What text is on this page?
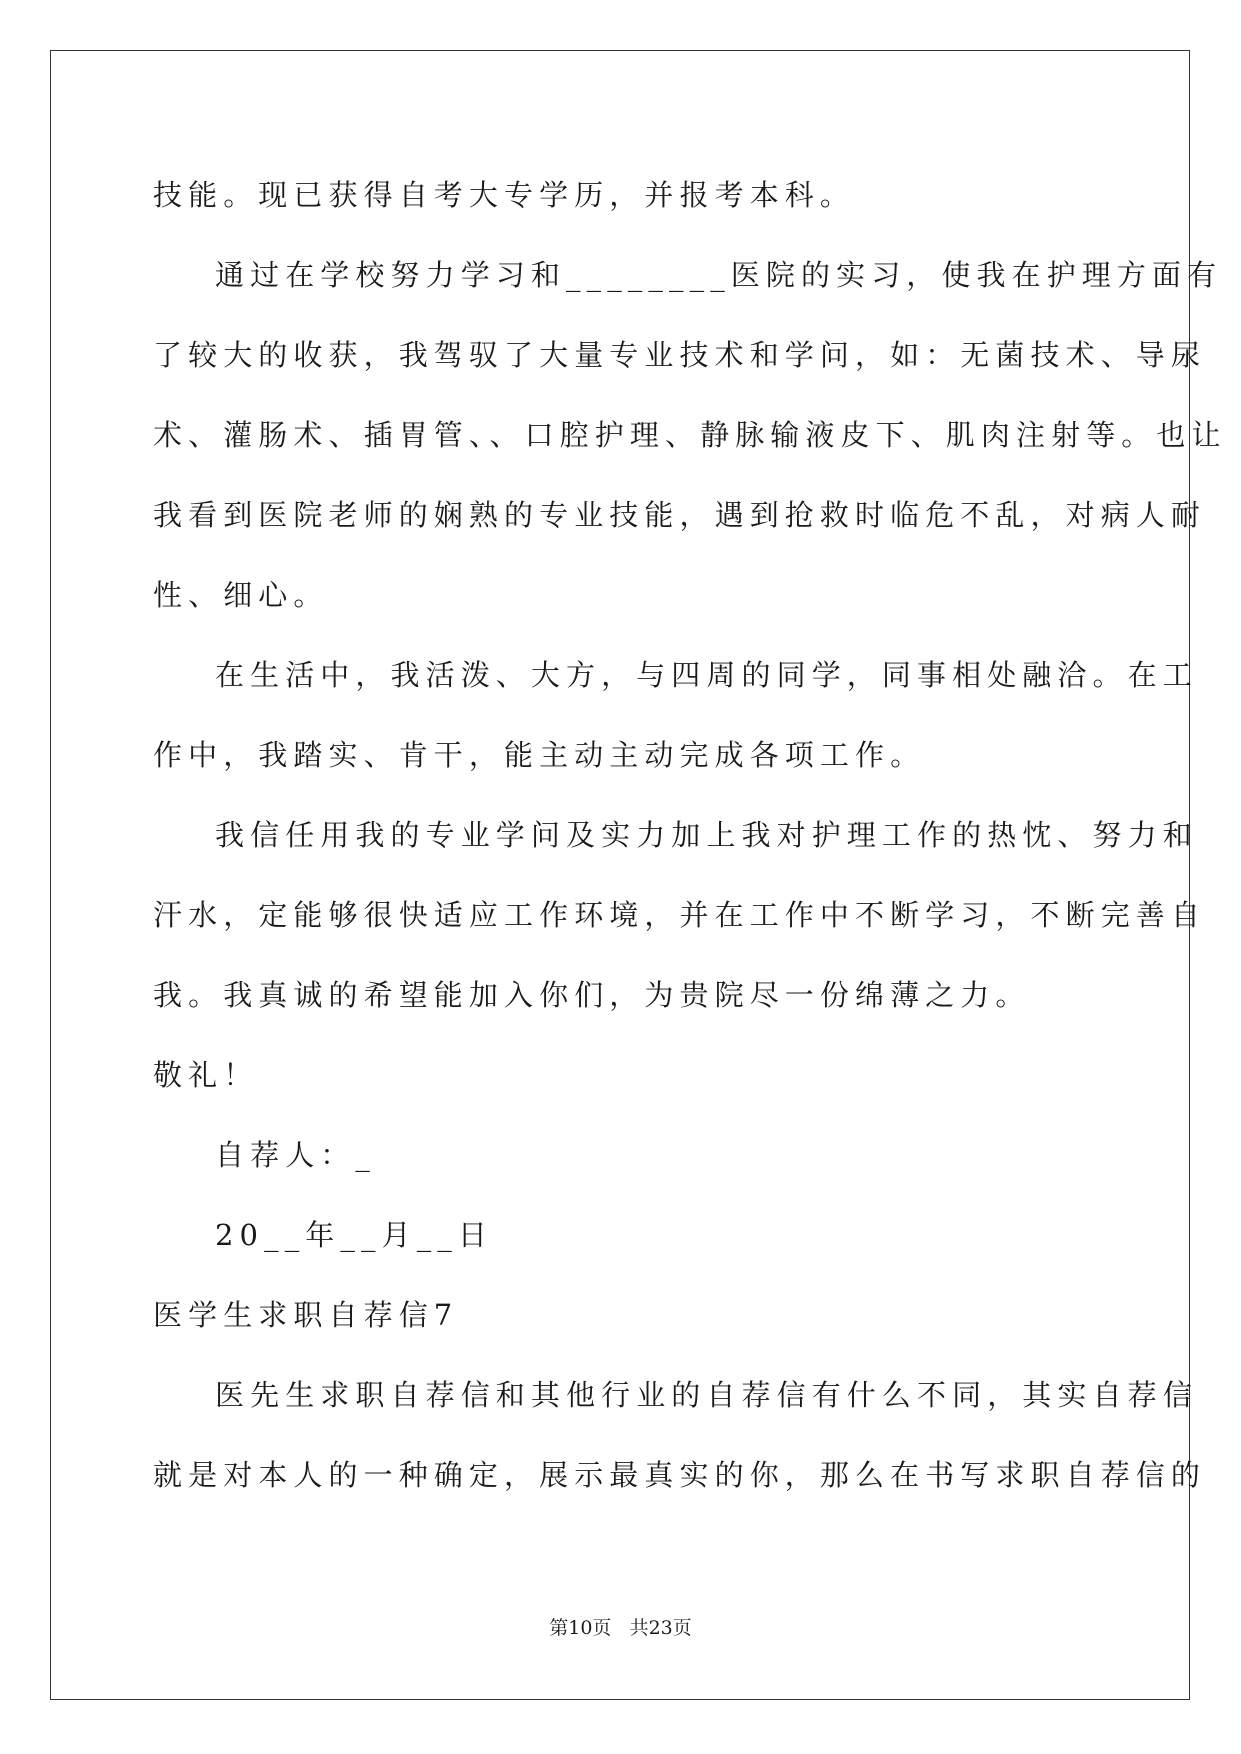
技能。现已获得自考大专学历，并报考本科。
通过在学校努力学习和________医院的实习，使我在护理方面有
了较大的收获，我驾驭了大量专业技术和学问，如：无菌技术、导尿
术、灌肠术、插胃管、、口腔护理、静脉输液皮下、肌肉注射等。也让
我看到医院老师的娴熟的专业技能，遇到抢救时临危不乱，对病人耐
性、细心。
在生活中，我活泼、大方，与四周的同学，同事相处融洽。在工
作中，我踏实、肯干，能主动主动完成各项工作。
我信任用我的专业学问及实力加上我对护理工作的热忱、努力和
汗水，定能够很快适应工作环境，并在工作中不断学习，不断完善自
我。我真诚的希望能加入你们，为贵院尽一份绵薄之力。
敬礼！
自荐人：_
20__年__月__日
医学生求职自荐信7
医先生求职自荐信和其他行业的自荐信有什么不同，其实自荐信
就是对本人的一种确定，展示最真实的你，那么在书写求职自荐信的
第10页 共23页
